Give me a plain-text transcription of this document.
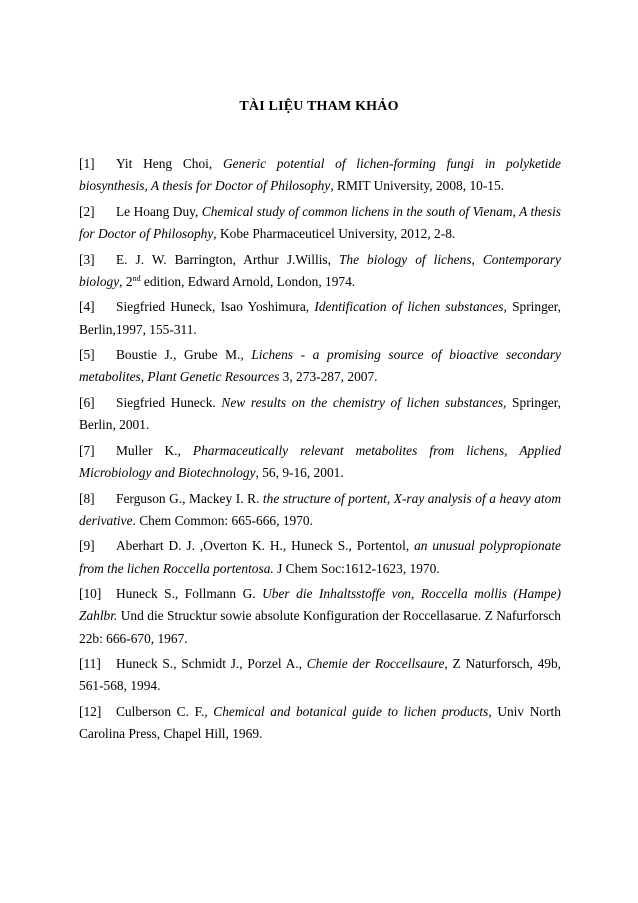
TÀI LIỆU THAM KHẢO

[1] Yit Heng Choi, Generic potential of lichen-forming fungi in polyketide biosynthesis, A thesis for Doctor of Philosophy, RMIT University, 2008, 10-15.

[2] Le Hoang Duy, Chemical study of common lichens in the south of Vienam, A thesis for Doctor of Philosophy, Kobe Pharmaceuticel University, 2012, 2-8.

[3] E. J. W. Barrington, Arthur J.Willis, The biology of lichens, Contemporary biology, 2nd edition, Edward Arnold, London, 1974.

[4] Siegfried Huneck, Isao Yoshimura, Identification of lichen substances, Springer, Berlin,1997, 155-311.

[5] Boustie J., Grube M., Lichens - a promising source of bioactive secondary metabolites, Plant Genetic Resources 3, 273-287, 2007.

[6] Siegfried Huneck. New results on the chemistry of lichen substances, Springer, Berlin, 2001.

[7] Muller K., Pharmaceutically relevant metabolites from lichens, Applied Microbiology and Biotechnology, 56, 9-16, 2001.

[8] Ferguson G., Mackey I. R. the structure of portent, X-ray analysis of a heavy atom derivative. Chem Common: 665-666, 1970.

[9] Aberhart D. J. ,Overton K. H., Huneck S., Portentol, an unusual polypropionate from the lichen Roccella portentosa. J Chem Soc:1612-1623, 1970.

[10] Huneck S., Follmann G. Uber die Inhaltsstoffe von, Roccella mollis (Hampe) Zahlbr. Und die Strucktur sowie absolute Konfiguration der Roccellasarue. Z Nafurforsch 22b: 666-670, 1967.

[11] Huneck S., Schmidt J., Porzel A., Chemie der Roccellsaure, Z Naturforsch, 49b, 561-568, 1994.

[12] Culberson C. F., Chemical and botanical guide to lichen products, Univ North Carolina Press, Chapel Hill, 1969.
